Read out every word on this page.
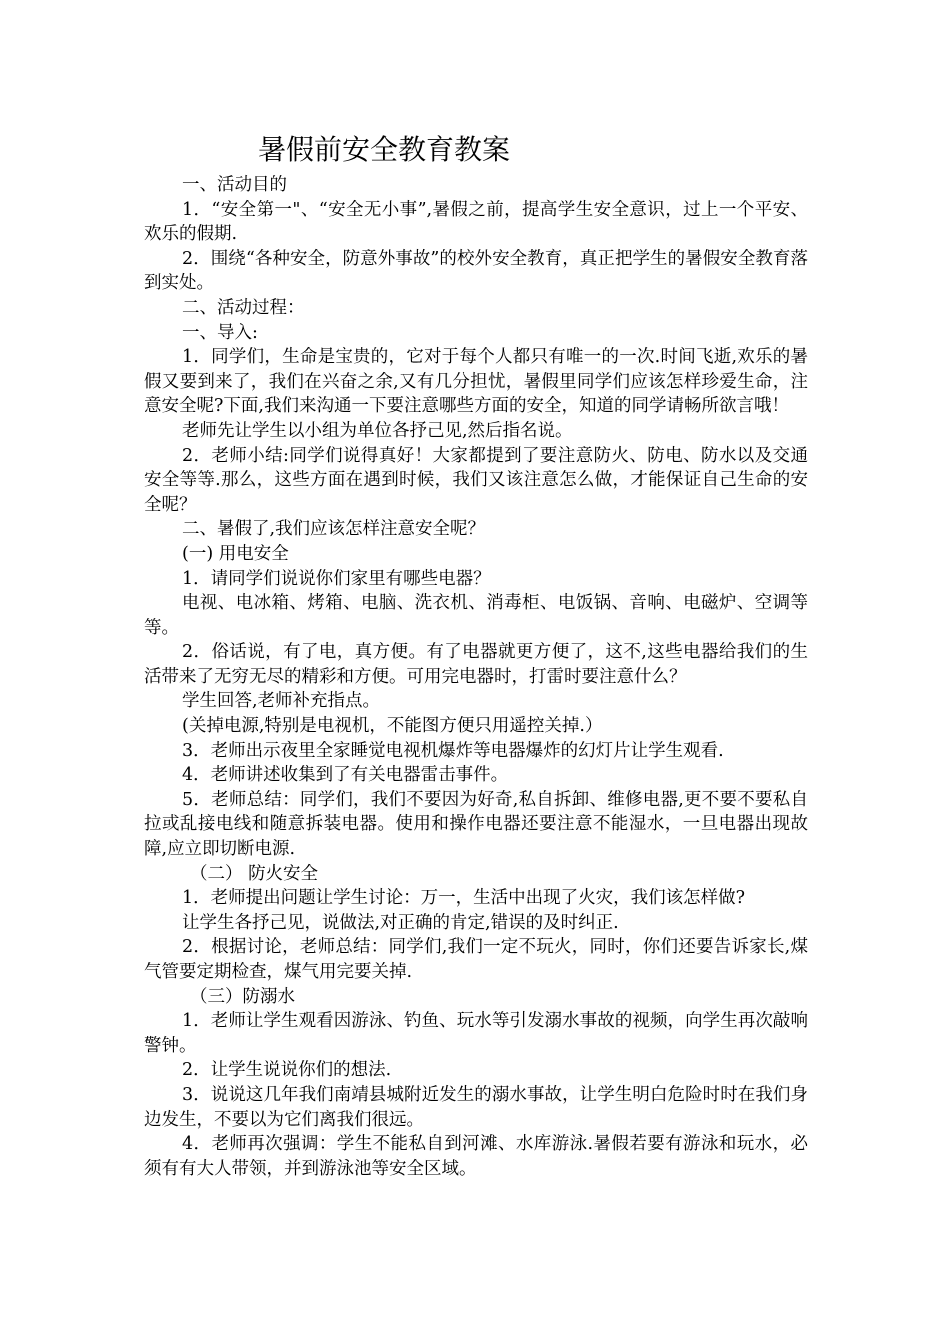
暑假前安全教育教案

一、活动目的

1．“安全第一"、“安全无小事”,暑假之前，提高学生安全意识，过上一个平安、欢乐的假期.

2．围绕“各种安全，防意外事故”的校外安全教育，真正把学生的暑假安全教育落到实处。

二、活动过程：

一、导入:

1．同学们，生命是宝贵的，它对于每个人都只有唯一的一次.时间飞逝,欢乐的暑假又要到来了，我们在兴奋之余,又有几分担忧，暑假里同学们应该怎样珍爱生命，注意安全呢?下面,我们来沟通一下要注意哪些方面的安全，知道的同学请畅所欲言哦！

老师先让学生以小组为单位各抒己见,然后指名说。

2．老师小结:同学们说得真好！大家都提到了要注意防火、防电、防水以及交通安全等等.那么，这些方面在遇到时候，我们又该注意怎么做，才能保证自己生命的安全呢？

二、暑假了,我们应该怎样注意安全呢？

(一) 用电安全

1．请同学们说说你们家里有哪些电器？

电视、电冰箱、烤箱、电脑、洗衣机、消毒柜、电饭锅、音响、电磁炉、空调等等。

2．俗话说，有了电，真方便。有了电器就更方便了，这不,这些电器给我们的生活带来了无穷无尽的精彩和方便。可用完电器时，打雷时要注意什么？

学生回答,老师补充指点。

(关掉电源,特别是电视机，不能图方便只用遥控关掉.）

3．老师出示夜里全家睡觉电视机爆炸等电器爆炸的幻灯片让学生观看.

4．老师讲述收集到了有关电器雷击事件。

5．老师总结：同学们，我们不要因为好奇,私自拆卸、维修电器,更不要不要私自拉或乱接电线和随意拆装电器。使用和操作电器还要注意不能湿水，一旦电器出现故障,应立即切断电源.

（二） 防火安全

1．老师提出问题让学生讨论：万一，生活中出现了火灾，我们该怎样做?

让学生各抒己见，说做法,对正确的肯定,错误的及时纠正.

2．根据讨论，老师总结：同学们,我们一定不玩火，同时，你们还要告诉家长,煤气管要定期检查，煤气用完要关掉.

（三）防溺水

1．老师让学生观看因游泳、钓鱼、玩水等引发溺水事故的视频，向学生再次敲响警钟。

2．让学生说说你们的想法.

3．说说这几年我们南靖县城附近发生的溺水事故，让学生明白危险时时在我们身边发生，不要以为它们离我们很远。

4．老师再次强调：学生不能私自到河滩、水库游泳.暑假若要有游泳和玩水，必须有有大人带领，并到游泳池等安全区域。
